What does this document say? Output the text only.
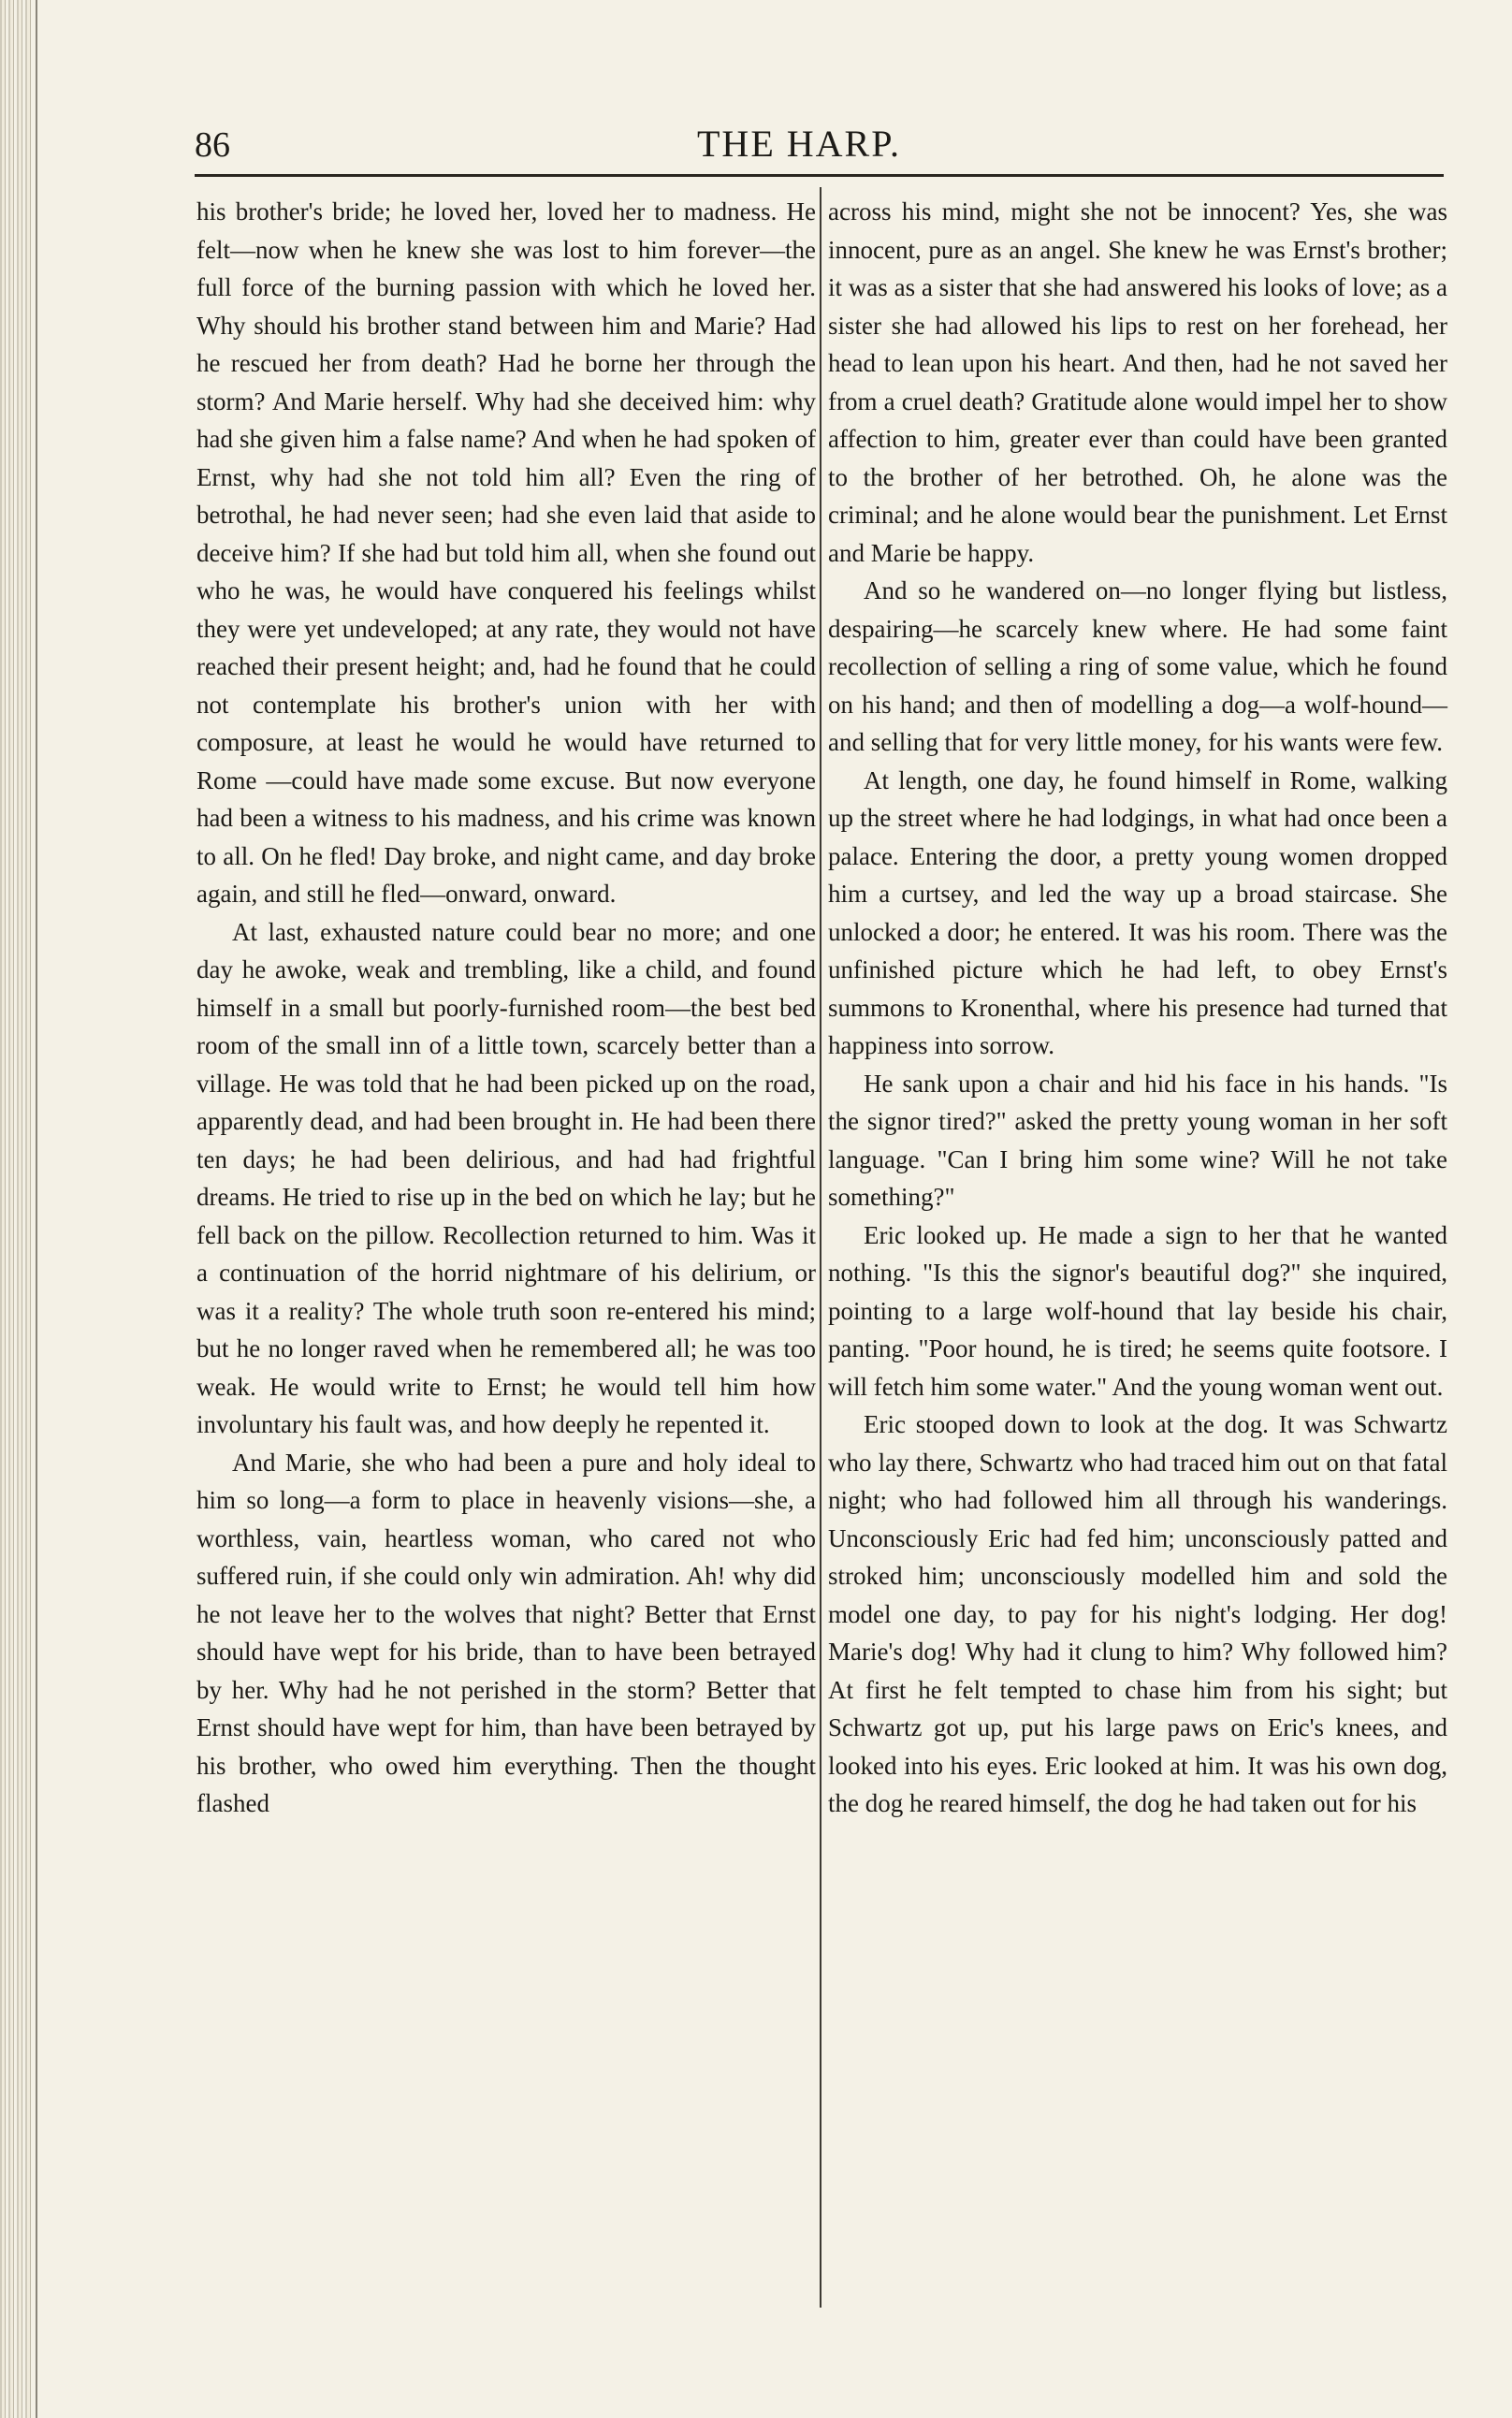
86	THE HARP.

his brother's bride; he loved her, loved her to madness. He felt—now when he knew she was lost to him forever—the full force of the burning passion with which he loved her. Why should his brother stand between him and Marie? Had he rescued her from death? Had he borne her through the storm? And Marie herself. Why had she deceived him: why had she given him a false name? And when he had spoken of Ernst, why had she not told him all? Even the ring of betrothal, he had never seen; had she even laid that aside to deceive him? If she had but told him all, when she found out who he was, he would have conquered his feelings whilst they were yet undeveloped; at any rate, they would not have reached their present height; and, had he found that he could not contemplate his brother's union with her with composure, at least he would he would have returned to Rome —could have made some excuse. But now everyone had been a witness to his madness, and his crime was known to all. On he fled! Day broke, and night came, and day broke again, and still he fled—onward, onward.

At last, exhausted nature could bear no more; and one day he awoke, weak and trembling, like a child, and found himself in a small but poorly-furnished room—the best bed room of the small inn of a little town, scarcely better than a village. He was told that he had been picked up on the road, apparently dead, and had been brought in. He had been there ten days; he had been delirious, and had had frightful dreams. He tried to rise up in the bed on which he lay; but he fell back on the pillow. Recollection returned to him. Was it a continuation of the horrid nightmare of his delirium, or was it a reality? The whole truth soon re-entered his mind; but he no longer raved when he remembered all; he was too weak. He would write to Ernst; he would tell him how involuntary his fault was, and how deeply he repented it.

And Marie, she who had been a pure and holy ideal to him so long—a form to place in heavenly visions—she, a worthless, vain, heartless woman, who cared not who suffered ruin, if she could only win admiration. Ah! why did he not leave her to the wolves that night? Better that Ernst should have wept for his bride, than to have been betrayed by her. Why had he not perished in the storm? Better that Ernst should have wept for him, than have been betrayed by his brother, who owed him everything. Then the thought flashed

across his mind, might she not be innocent? Yes, she was innocent, pure as an angel. She knew he was Ernst's brother; it was as a sister that she had answered his looks of love; as a sister she had allowed his lips to rest on her forehead, her head to lean upon his heart. And then, had he not saved her from a cruel death? Gratitude alone would impel her to show affection to him, greater ever than could have been granted to the brother of her betrothed. Oh, he alone was the criminal; and he alone would bear the punishment. Let Ernst and Marie be happy.

And so he wandered on—no longer flying but listless, despairing—he scarcely knew where. He had some faint recollection of selling a ring of some value, which he found on his hand; and then of modelling a dog—a wolf-hound—and selling that for very little money, for his wants were few.

At length, one day, he found himself in Rome, walking up the street where he had lodgings, in what had once been a palace. Entering the door, a pretty young women dropped him a curtsey, and led the way up a broad staircase. She unlocked a door; he entered. It was his room. There was the unfinished picture which he had left, to obey Ernst's summons to Kronenthal, where his presence had turned that happiness into sorrow.

He sank upon a chair and hid his face in his hands. "Is the signor tired?" asked the pretty young woman in her soft language. "Can I bring him some wine? Will he not take something?"

Eric looked up. He made a sign to her that he wanted nothing. "Is this the signor's beautiful dog?" she inquired, pointing to a large wolf-hound that lay beside his chair, panting. "Poor hound, he is tired; he seems quite footsore. I will fetch him some water." And the young woman went out.

Eric stooped down to look at the dog. It was Schwartz who lay there, Schwartz who had traced him out on that fatal night; who had followed him all through his wanderings. Unconsciously Eric had fed him; unconsciously patted and stroked him; unconsciously modelled him and sold the model one day, to pay for his night's lodging. Her dog! Marie's dog! Why had it clung to him? Why followed him? At first he felt tempted to chase him from his sight; but Schwartz got up, put his large paws on Eric's knees, and looked into his eyes. Eric looked at him. It was his own dog, the dog he reared himself, the dog he had taken out for his
